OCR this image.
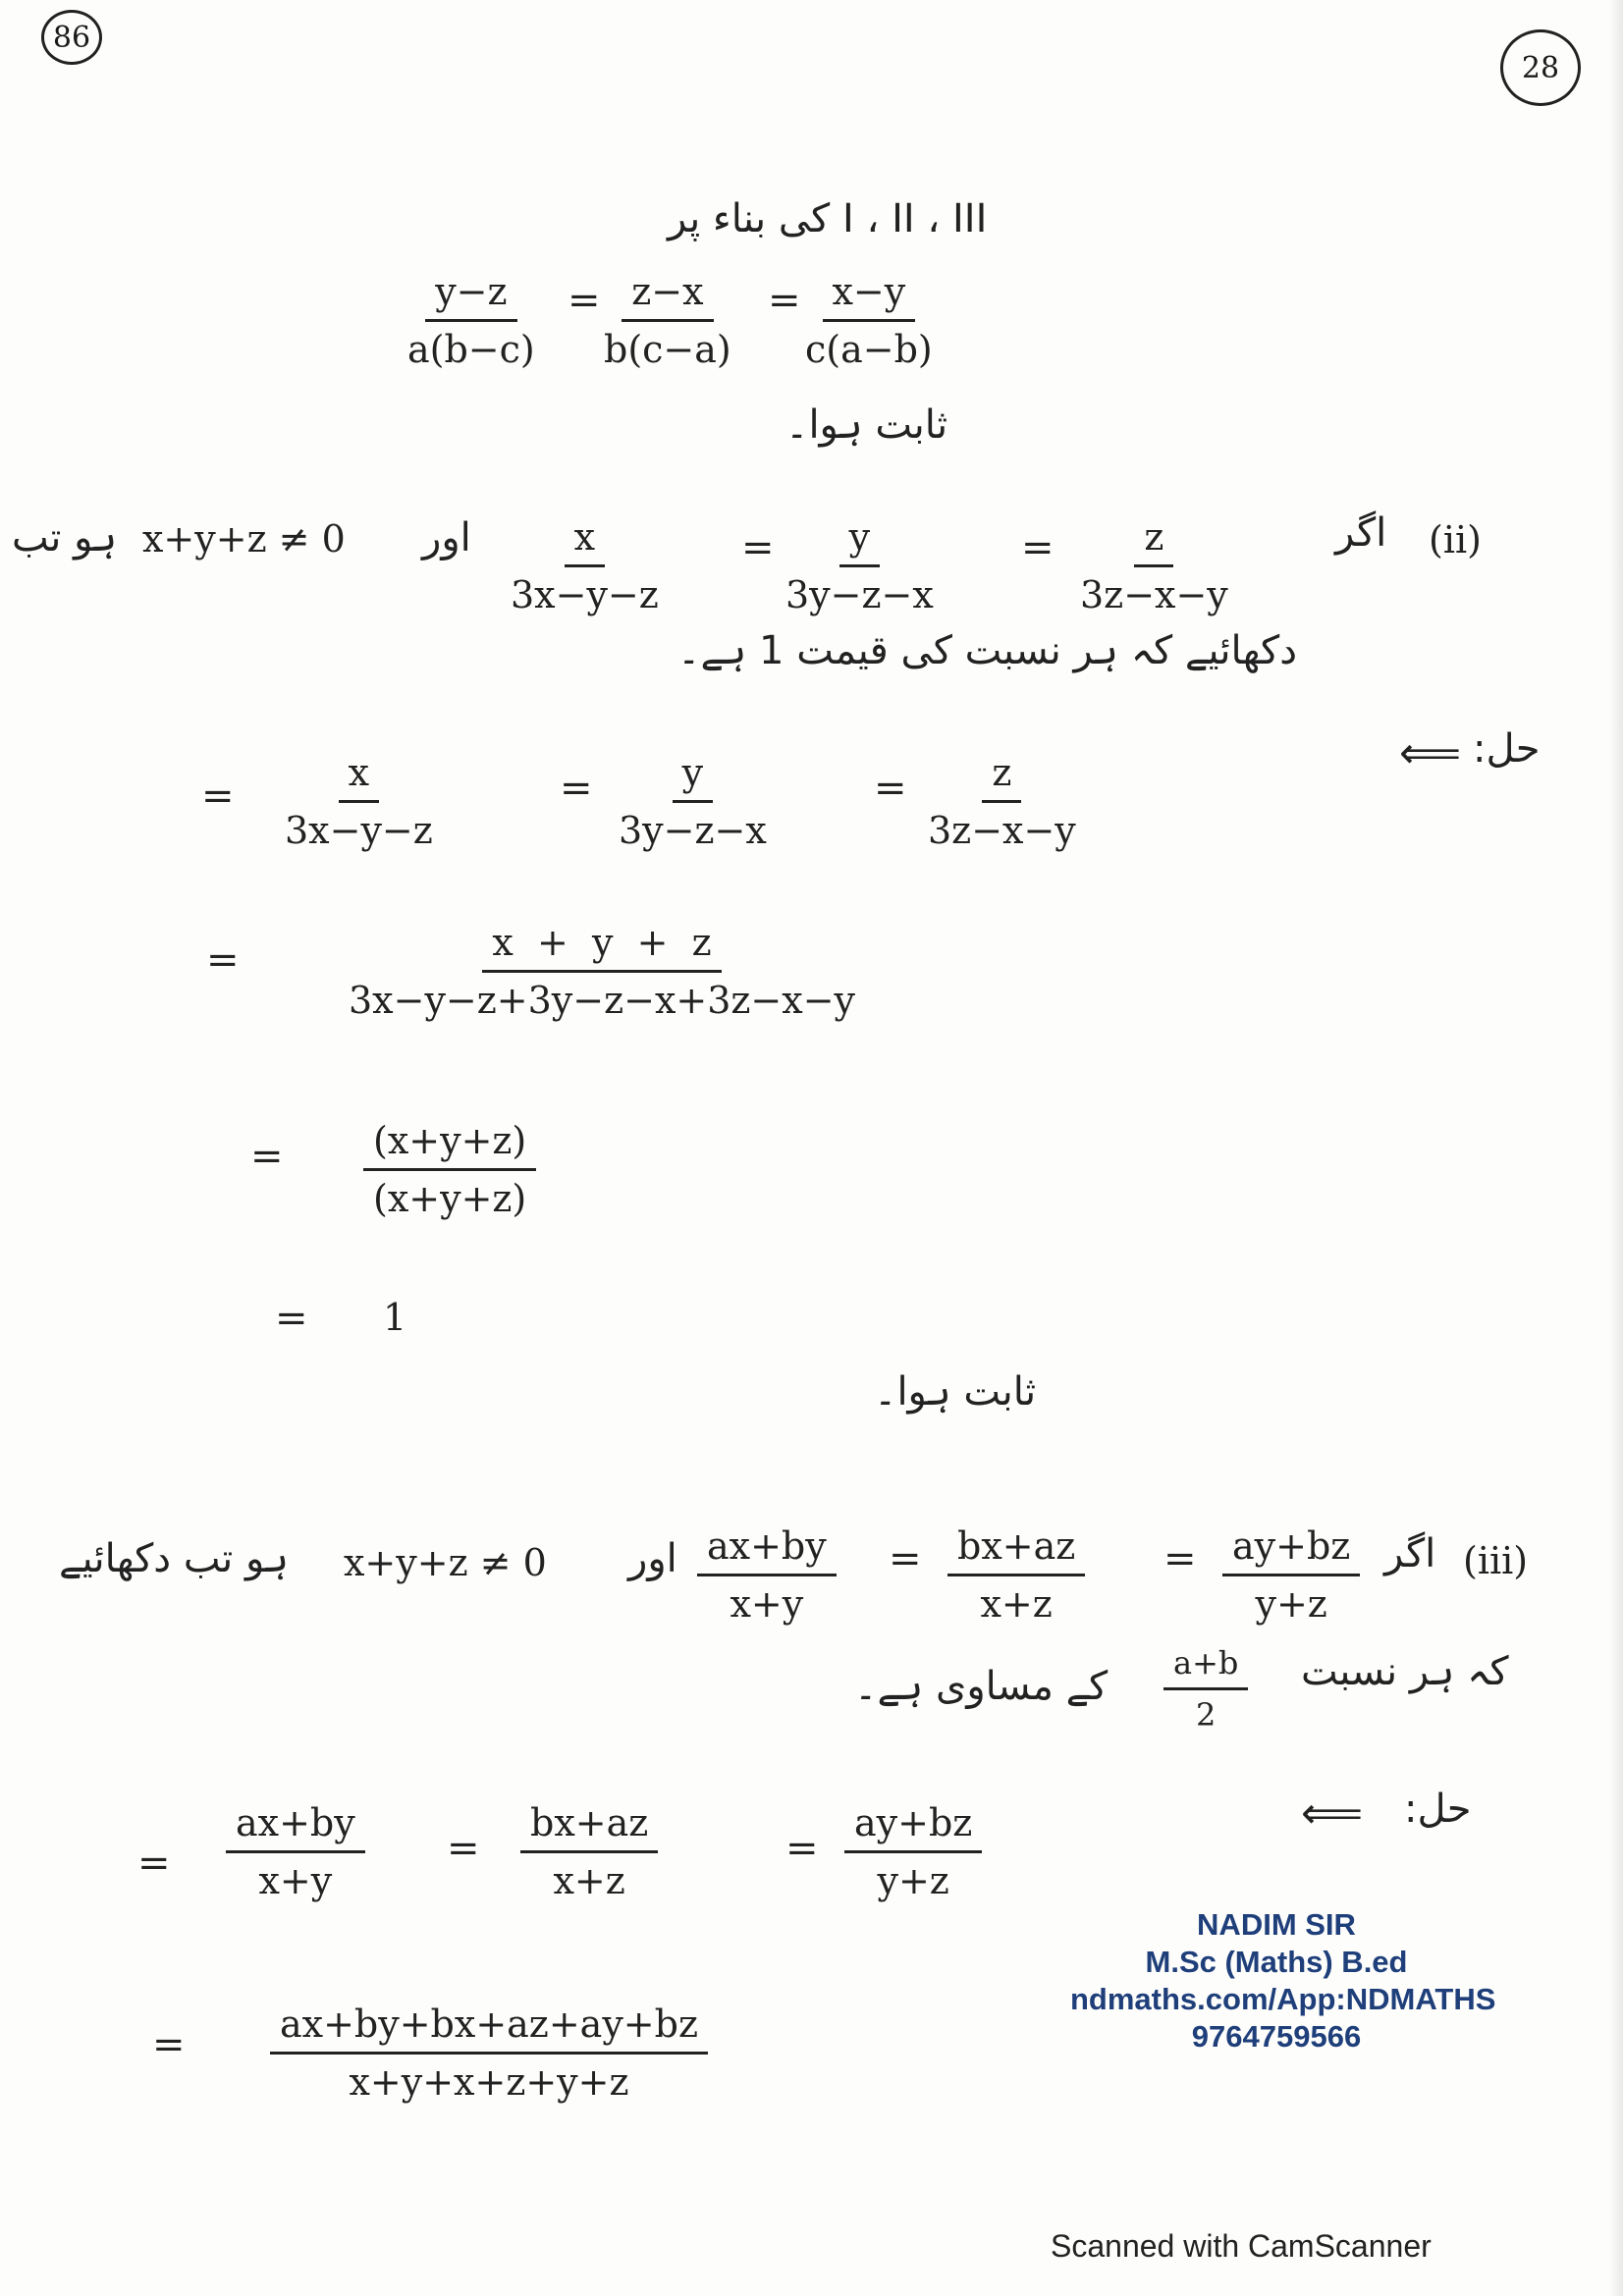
86
28
I ، II ، III کی بناء پر
$\frac{y-z}{a(b-c)}$ =
$\frac{z-x}{b(c-a)}$ =
$\frac{x-y}{c(a-b)}$
ثابت ہوا۔
(ii)
اگر
$\frac{z}{3z-x-y}$
=
$\frac{y}{3y-z-x}$
=
$\frac{x}{3x-y-z}$
اور
x+y+z ≠ 0
ہو تب
دکھائیے کہ ہر نسبت کی قیمت 1 ہے۔
حل:
⟸
= $\frac{x}{3x-y-z}$	= $\frac{y}{3y-z-x} = \frac{z}{3z-x-y}$
=	$\frac{x + y + z}{3x-y-z+3y-z-x+3z-x-y}$
= $\frac{(x+y+z)}{(x+y+z)}$
= 1
ثابت ہوا۔
(iii)
اگر
$\frac{ay+bz}{y+z}$
=
$\frac{bx+az}{x+z}$
=
$\frac{ax+by}{x+y}$
اور
x+y+z ≠ 0
ہو تب دکھائیے
کہ ہر نسبت
$\frac{a+b}{2}$
کے مساوی ہے۔
حل:
⟸
= $\frac{ax+by}{x+y} = \frac{bx+az}{x+z}$	= $\frac{ay+bz}{y+z}$
= $\frac{ax+by+bx+az+ay+bz}{x+y+x+z+y+z}$
NADIM SIR
M.Sc (Maths) B.ed
ndmaths.com/App:NDMATHS
9764759566
Scanned with CamScanner
